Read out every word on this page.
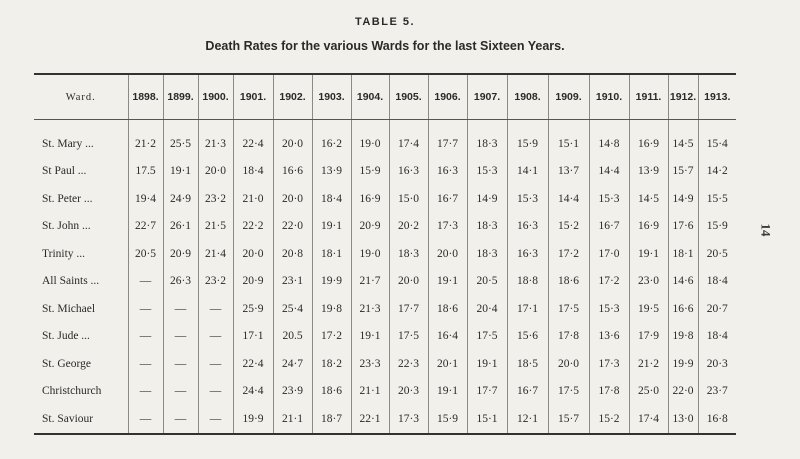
14
TABLE 5.
Death Rates for the various Wards for the last Sixteen Years.
Ward.	1898.	1899.	1900.	1901.	1902.	1903.	1904.	1905.	1906.	1907.	1908.	1909.	1910.	1911.	1912.	1913.
St. Mary ...	21·2	25·5	21·3	22·4	20·0	16·2	19·0	17·4	17·7	18·3	15·9	15·1	14·8	16·9	14·5	15·4
St Paul ...	17.5	19·1	20·0	18·4	16·6	13·9	15·9	16·3	16·3	15·3	14·1	13·7	14·4	13·9	15·7	14·2
St. Peter ...	19·4	24·9	23·2	21·0	20·0	18·4	16·9	15·0	16·7	14·9	15·3	14·4	15·3	14·5	14·9	15·5
St. John ...	22·7	26·1	21·5	22·2	22·0	19·1	20·9	20·2	17·3	18·3	16·3	15·2	16·7	16·9	17·6	15·9
Trinity ...	20·5	20·9	21·4	20·0	20·8	18·1	19·0	18·3	20·0	18·3	16·3	17·2	17·0	19·1	18·1	20·5
All Saints ...	—	26·3	23·2	20·9	23·1	19·9	21·7	20·0	19·1	20·5	18·8	18·6	17·2	23·0	14·6	18·4
St. Michael	—	—	—	25·9	25·4	19·8	21·3	17·7	18·6	20·4	17·1	17·5	15·3	19·5	16·6	20·7
St. Jude ...	—	—	—	17·1	20.5	17·2	19·1	17·5	16·4	17·5	15·6	17·8	13·6	17·9	19·8	18·4
St. George	—	—	—	22·4	24·7	18·2	23·3	22·3	20·1	19·1	18·5	20·0	17·3	21·2	19·9	20·3
Christchurch	—	—	—	24·4	23·9	18·6	21·1	20·3	19·1	17·7	16·7	17·5	17·8	25·0	22·0	23·7
St. Saviour	—	—	—	19·9	21·1	18·7	22·1	17·3	15·9	15·1	12·1	15·7	15·2	17·4	13·0	16·8
